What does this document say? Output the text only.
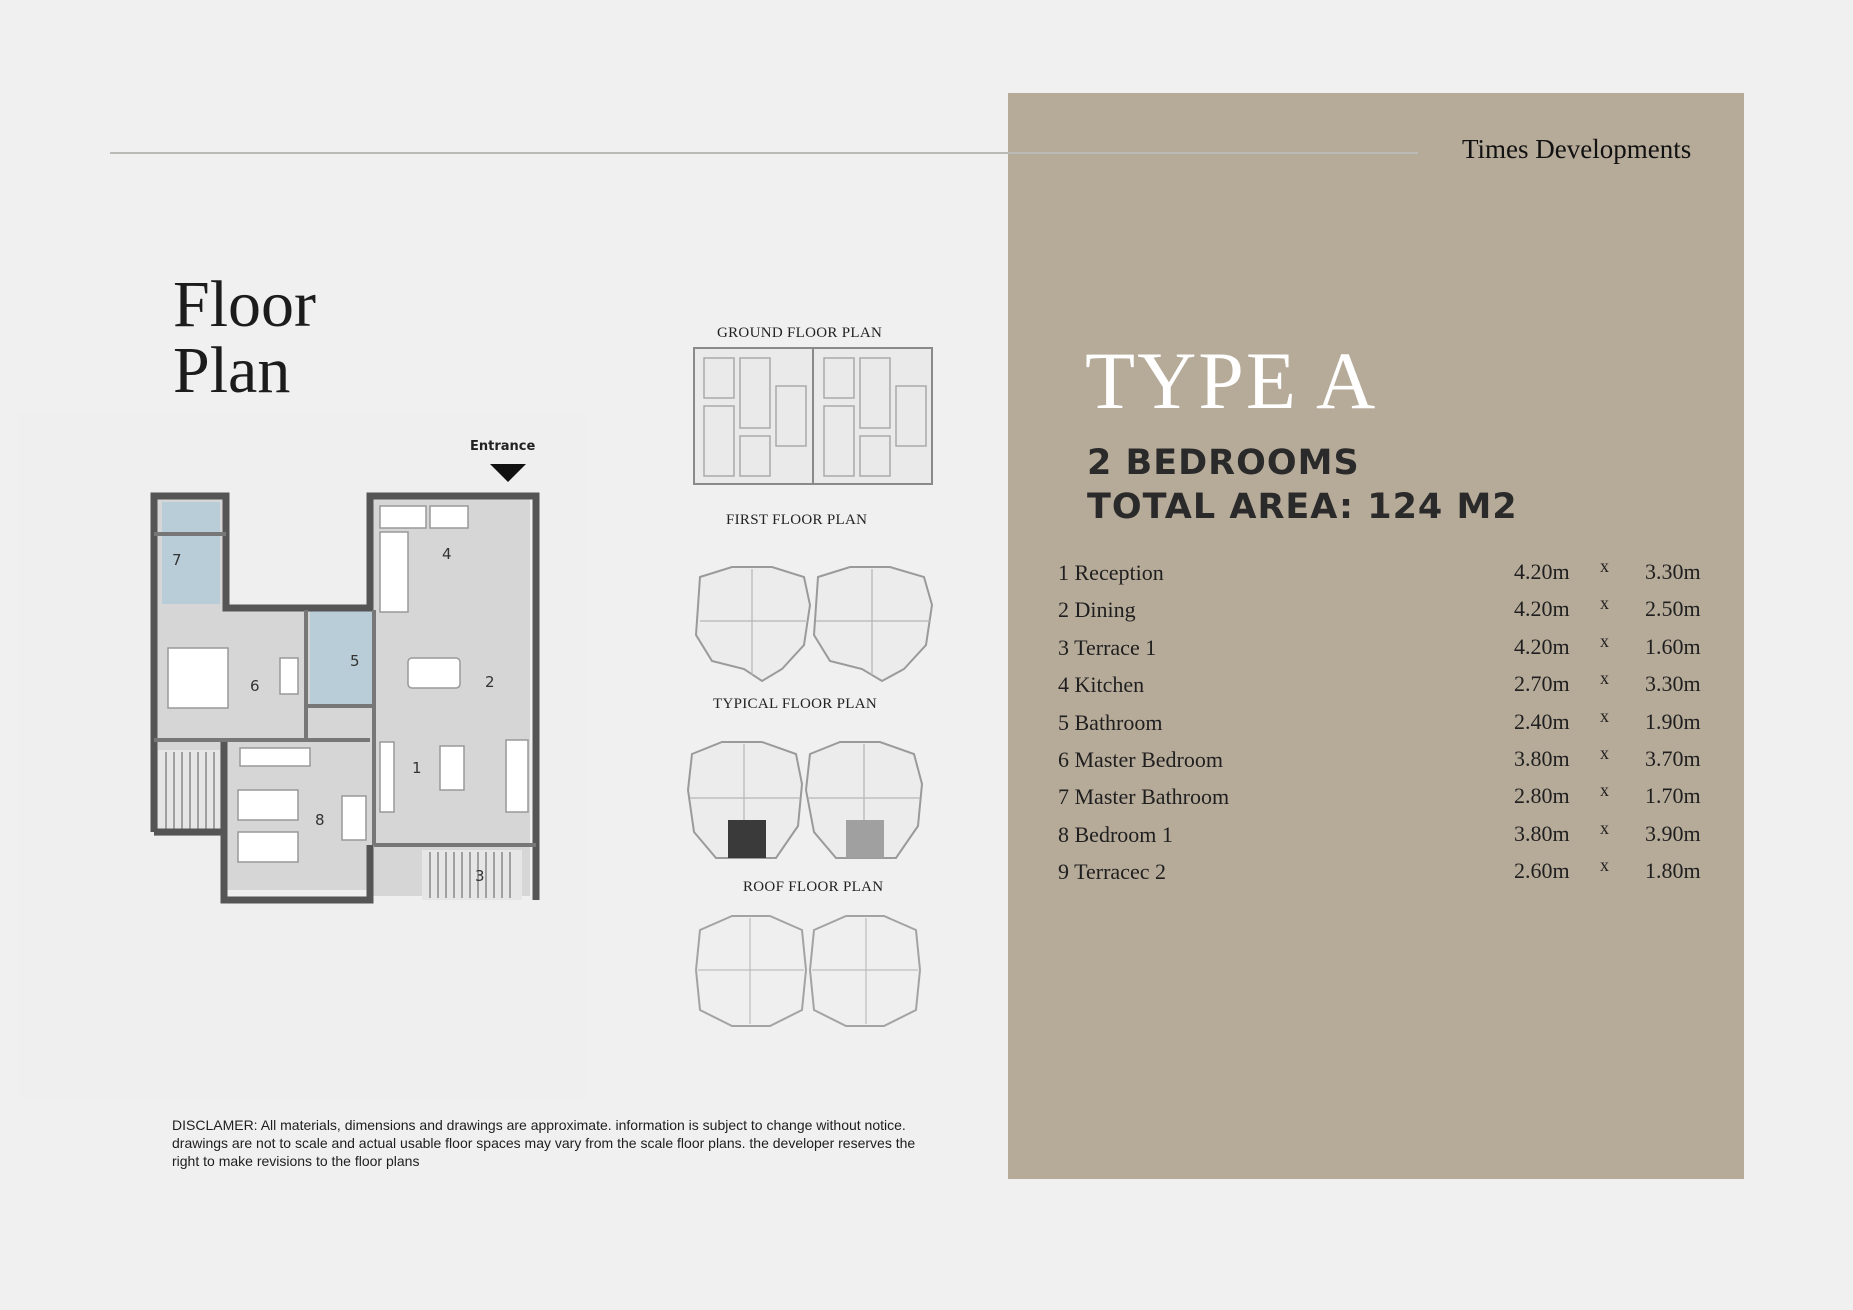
Times Developments
Floor
Plan	TYPE A
2 BEDROOMS
TOTAL AREA: 124 M2
1 Reception	4.20m x 3.30m
2 Dining	4.20m x 2.50m
3 Terrace 1	4.20m x 1.60m
4 Kitchen	2.70m x 3.30m
5 Bathroom	2.40m x 1.90m
6 Master Bedroom	3.80m x 3.70m
7 Master Bathroom	2.80m x 1.70m
8 Bedroom 1	3.80m x 3.90m
9 Terracec 2	2.60m x 1.80m
Entrance
1
2
3
4
5
6
7
8
GROUND FLOOR PLAN
FIRST FLOOR PLAN
TYPICAL FLOOR PLAN
ROOF FLOOR PLAN
DISCLAMER: All materials, dimensions and drawings are approximate. information is subject to change without notice. drawings are not to scale and actual usable floor spaces may vary from the scale floor plans. the developer reserves the right to make revisions to the floor plans
